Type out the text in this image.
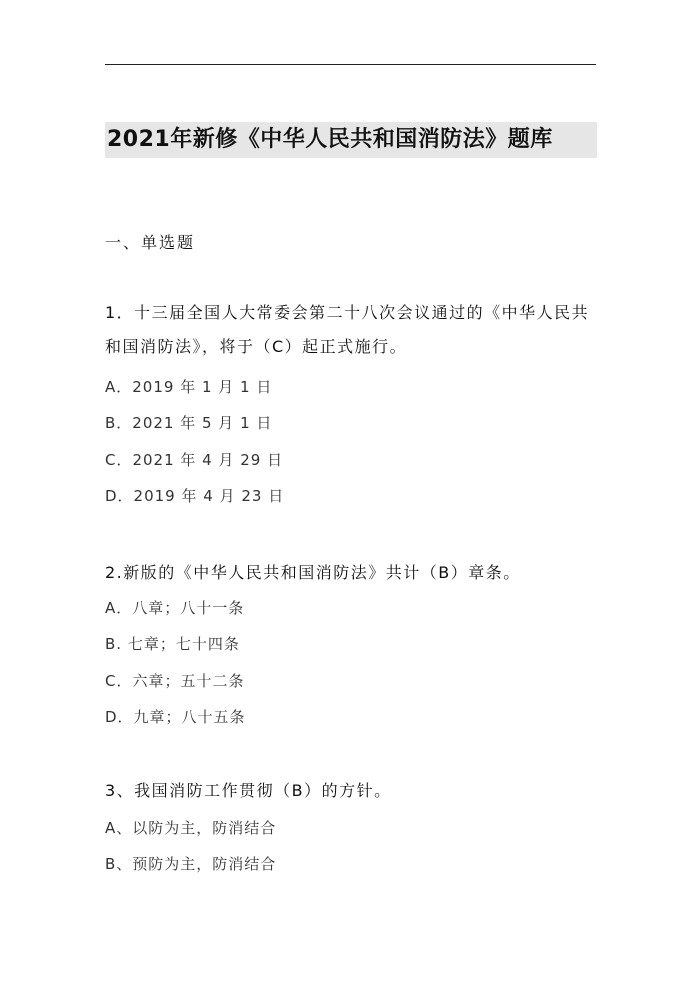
2021年新修《中华人民共和国消防法》题库
一、单选题
1．十三届全国人大常委会第二十八次会议通过的《中华人民共和国消防法》，将于（C）起正式施行。
A．2019 年 1 月 1 日
B．2021 年 5 月 1 日
C．2021 年 4 月 29 日
D．2019 年 4 月 23 日
2.新版的《中华人民共和国消防法》共计（B）章条。
A．八章；八十一条
B. 七章；七十四条
C．六章；五十二条
D．九章；八十五条
3、我国消防工作贯彻（B）的方针。
A、以防为主，防消结合
B、预防为主，防消结合
